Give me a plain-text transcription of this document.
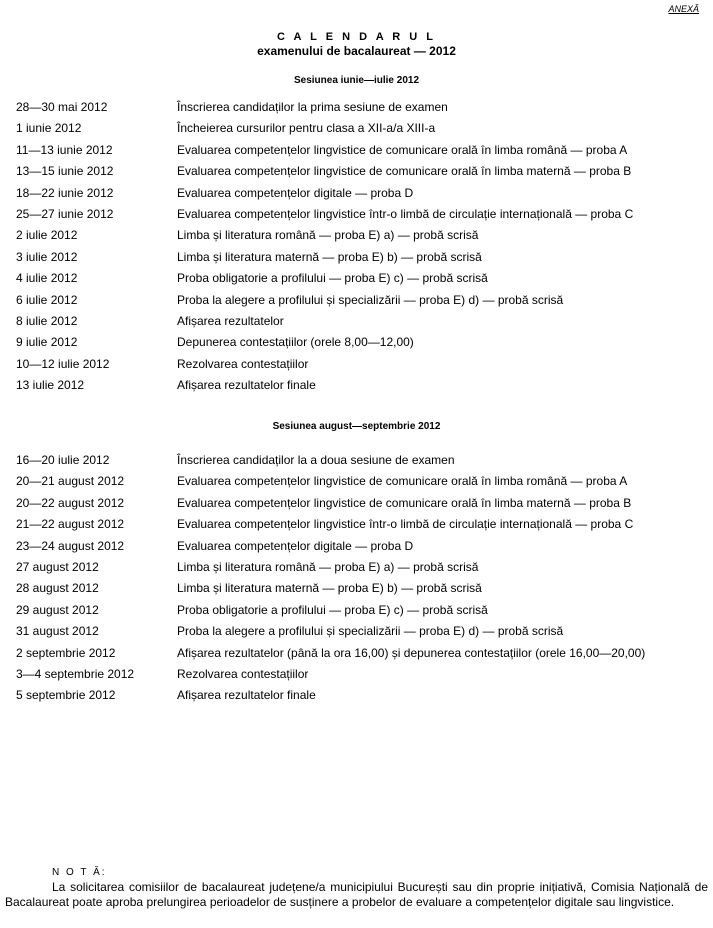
ANEXĂ
C A L E N D A R U L
examenului de bacalaureat — 2012
Sesiunea iunie—iulie 2012
28—30 mai 2012	Înscrierea candidaților la prima sesiune de examen
1 iunie 2012	Încheierea cursurilor pentru clasa a XII-a/a XIII-a
11—13 iunie 2012	Evaluarea competențelor lingvistice de comunicare orală în limba română — proba A
13—15 iunie 2012	Evaluarea competențelor lingvistice de comunicare orală în limba maternă — proba B
18—22 iunie 2012	Evaluarea competențelor digitale — proba D
25—27 iunie 2012	Evaluarea competențelor lingvistice într-o limbă de circulație internațională — proba C
2 iulie 2012	Limba și literatura română — proba E) a) — probă scrisă
3 iulie 2012	Limba și literatura maternă — proba E) b) — probă scrisă
4 iulie 2012	Proba obligatorie a profilului — proba E) c) — probă scrisă
6 iulie 2012	Proba la alegere a profilului și specializării — proba E) d) — probă scrisă
8 iulie 2012	Afișarea rezultatelor
9 iulie 2012	Depunerea contestațiilor (orele 8,00—12,00)
10—12 iulie 2012	Rezolvarea contestațiilor
13 iulie 2012	Afișarea rezultatelor finale
Sesiunea august—septembrie 2012
16—20 iulie 2012	Înscrierea candidaților la a doua sesiune de examen
20—21 august 2012	Evaluarea competențelor lingvistice de comunicare orală în limba română — proba A
20—22 august 2012	Evaluarea competențelor lingvistice de comunicare orală în limba maternă — proba B
21—22 august 2012	Evaluarea competențelor lingvistice într-o limbă de circulație internațională — proba C
23—24 august 2012	Evaluarea competențelor digitale — proba D
27 august 2012	Limba și literatura română — proba E) a) — probă scrisă
28 august 2012	Limba și literatura maternă — proba E) b) — probă scrisă
29 august 2012	Proba obligatorie a profilului — proba E) c) — probă scrisă
31 august 2012	Proba la alegere a profilului și specializării — proba E) d) — probă scrisă
2 septembrie 2012	Afișarea rezultatelor (până la ora 16,00) și depunerea contestațiilor (orele 16,00—20,00)
3—4 septembrie 2012	Rezolvarea contestațiilor
5 septembrie 2012	Afișarea rezultatelor finale
N O T Ă:
La solicitarea comisiilor de bacalaureat județene/a municipiului București sau din proprie inițiativă, Comisia Națională de
Bacalaureat poate aproba prelungirea perioadelor de susținere a probelor de evaluare a competențelor digitale sau lingvistice.
